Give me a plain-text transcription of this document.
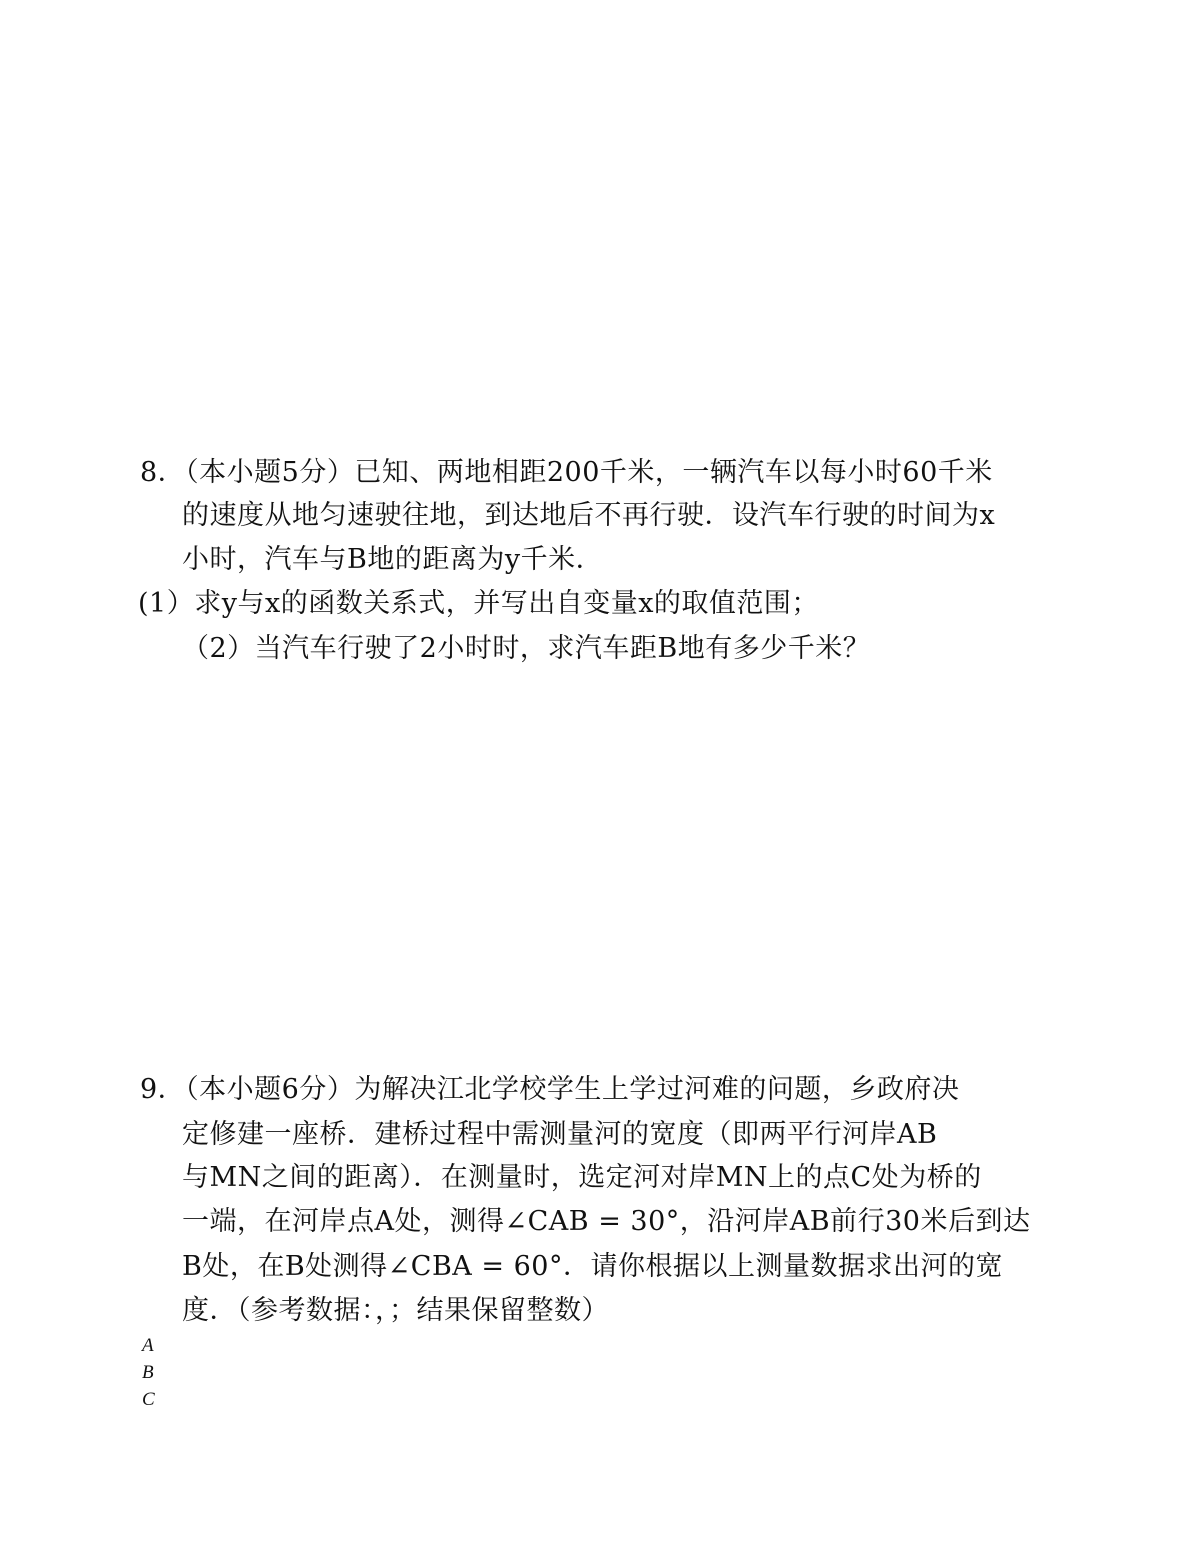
8．（本小题5分）已知、两地相距200千米，一辆汽车以每小时60千米
的速度从地匀速驶往地，到达地后不再行驶．设汽车行驶的时间为x
小时，汽车与B地的距离为y千米．
(1）求y与x的函数关系式，并写出自变量x的取值范围；
（2）当汽车行驶了2小时时，求汽车距B地有多少千米？
9．（本小题6分）为解决江北学校学生上学过河难的问题，乡政府决
定修建一座桥．建桥过程中需测量河的宽度（即两平行河岸AB
与MN之间的距离）．在测量时，选定河对岸MN上的点C处为桥的
一端，在河岸点A处，测得∠CAB = 30°，沿河岸AB前行30米后到达
B处，在B处测得∠CBA = 60°．请你根据以上测量数据求出河的宽
度．（参考数据：，；结果保留整数）
A
B
C
